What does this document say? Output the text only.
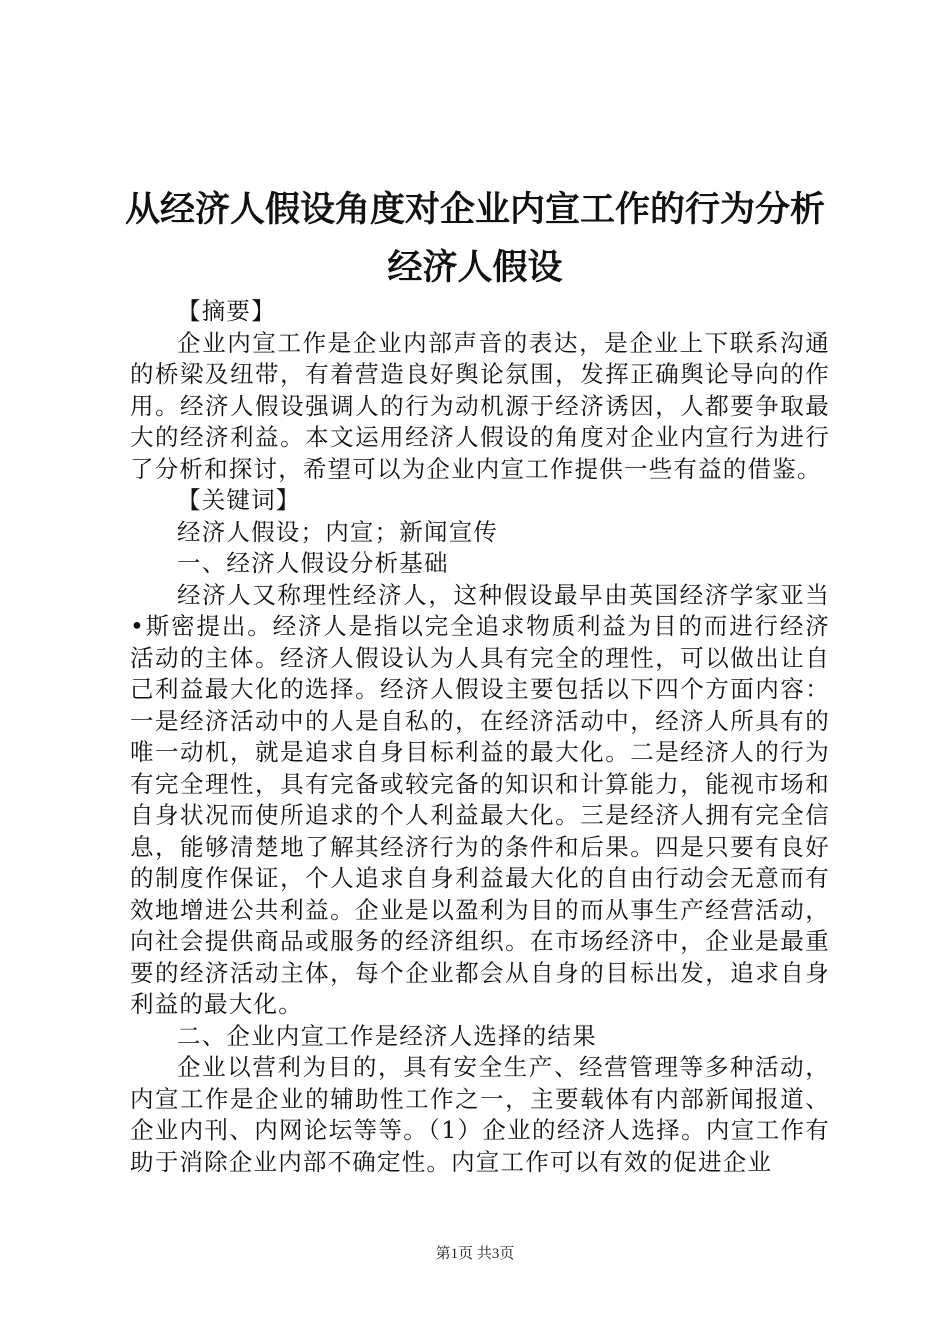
从经济人假设角度对企业内宣工作的行为分析
经济人假设

【摘要】

企业内宣工作是企业内部声音的表达，是企业上下联系沟通的桥梁及纽带，有着营造良好舆论氛围，发挥正确舆论导向的作用。经济人假设强调人的行为动机源于经济诱因，人都要争取最大的经济利益。本文运用经济人假设的角度对企业内宣行为进行了分析和探讨，希望可以为企业内宣工作提供一些有益的借鉴。

【关键词】

经济人假设；内宣；新闻宣传

一、经济人假设分析基础

经济人又称理性经济人，这种假设最早由英国经济学家亚当•斯密提出。经济人是指以完全追求物质利益为目的而进行经济活动的主体。经济人假设认为人具有完全的理性，可以做出让自己利益最大化的选择。经济人假设主要包括以下四个方面内容：一是经济活动中的人是自私的，在经济活动中，经济人所具有的唯一动机，就是追求自身目标利益的最大化。二是经济人的行为有完全理性，具有完备或较完备的知识和计算能力，能视市场和自身状况而使所追求的个人利益最大化。三是经济人拥有完全信息，能够清楚地了解其经济行为的条件和后果。四是只要有良好的制度作保证，个人追求自身利益最大化的自由行动会无意而有效地增进公共利益。企业是以盈利为目的而从事生产经营活动，向社会提供商品或服务的经济组织。在市场经济中，企业是最重要的经济活动主体，每个企业都会从自身的目标出发，追求自身利益的最大化。

二、企业内宣工作是经济人选择的结果

企业以营利为目的，具有安全生产、经营管理等多种活动，内宣工作是企业的辅助性工作之一，主要载体有内部新闻报道、企业内刊、内网论坛等等。（1）企业的经济人选择。内宣工作有助于消除企业内部不确定性。内宣工作可以有效的促进企业

第1页 共3页
